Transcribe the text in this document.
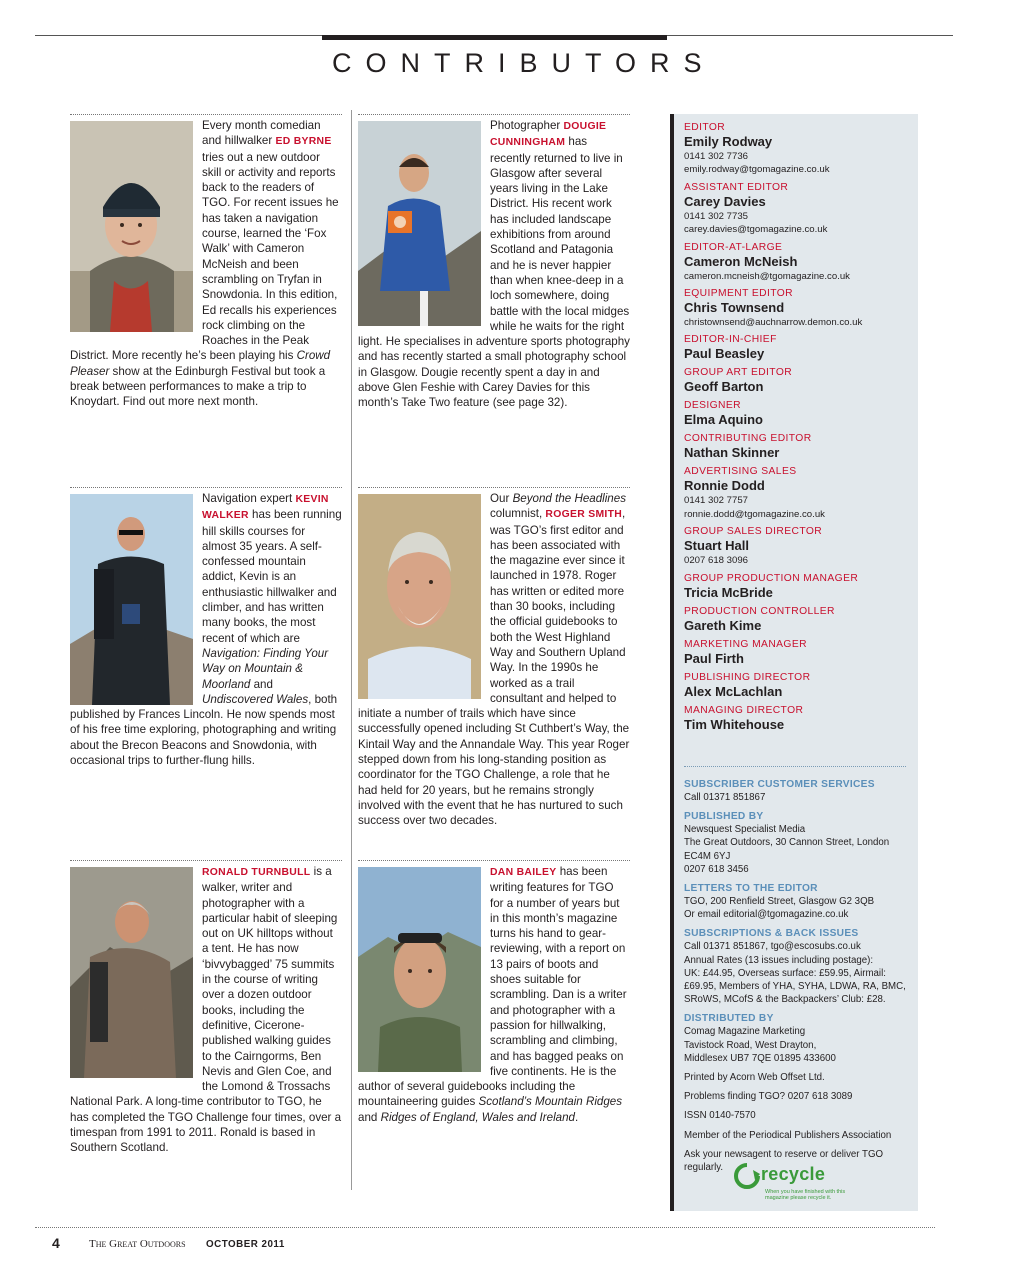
CONTRIBUTORS
Every month comedian and hillwalker ED BYRNE tries out a new outdoor skill or activity and reports back to the readers of TGO. For recent issues he has taken a navigation course, learned the ‘Fox Walk’ with Cameron McNeish and been scrambling on Tryfan in Snowdonia. In this edition, Ed recalls his experiences rock climbing on the Roaches in the Peak District. More recently he’s been playing his Crowd Pleaser show at the Edinburgh Festival but took a break between performances to make a trip to Knoydart. Find out more next month.
Photographer DOUGIE CUNNINGHAM has recently returned to live in Glasgow after several years living in the Lake District. His recent work has included landscape exhibitions from around Scotland and Patagonia and he is never happier than when knee-deep in a loch somewhere, doing battle with the local midges while he waits for the right light. He specialises in adventure sports photography and has recently started a small photography school in Glasgow. Dougie recently spent a day in and above Glen Feshie with Carey Davies for this month’s Take Two feature (see page 32).
Navigation expert KEVIN WALKER has been running hill skills courses for almost 35 years. A self-confessed mountain addict, Kevin is an enthusiastic hillwalker and climber, and has written many books, the most recent of which are Navigation: Finding Your Way on Mountain & Moorland and Undiscovered Wales, both published by Frances Lincoln. He now spends most of his free time exploring, photographing and writing about the Brecon Beacons and Snowdonia, with occasional trips to further-flung hills.
Our Beyond the Headlines columnist, ROGER SMITH, was TGO’s first editor and has been associated with the magazine ever since it launched in 1978. Roger has written or edited more than 30 books, including the official guidebooks to both the West Highland Way and Southern Upland Way. In the 1990s he worked as a trail consultant and helped to initiate a number of trails which have since successfully opened including St Cuthbert’s Way, the Kintail Way and the Annandale Way. This year Roger stepped down from his long-standing position as coordinator for the TGO Challenge, a role that he had held for 20 years, but he remains strongly involved with the event that he has nurtured to such success over two decades.
RONALD TURNBULL is a walker, writer and photographer with a particular habit of sleeping out on UK hilltops without a tent. He has now ‘bivvybagged’ 75 summits in the course of writing over a dozen outdoor books, including the definitive, Cicerone-published walking guides to the Cairngorms, Ben Nevis and Glen Coe, and the Lomond & Trossachs National Park. A long-time contributor to TGO, he has completed the TGO Challenge four times, over a timespan from 1991 to 2011. Ronald is based in Southern Scotland.
DAN BAILEY has been writing features for TGO for a number of years but in this month’s magazine turns his hand to gear-reviewing, with a report on 13 pairs of boots and shoes suitable for scrambling. Dan is a writer and photographer with a passion for hillwalking, scrambling and climbing, and has bagged peaks on five continents. He is the author of several guidebooks including the mountaineering guides Scotland’s Mountain Ridges and Ridges of England, Wales and Ireland.
EDITOR
Emily Rodway
0141 302 7736
emily.rodway@tgomagazine.co.uk
ASSISTANT EDITOR
Carey Davies
0141 302 7735
carey.davies@tgomagazine.co.uk
EDITOR-AT-LARGE
Cameron McNeish
cameron.mcneish@tgomagazine.co.uk
EQUIPMENT EDITOR
Chris Townsend
christownsend@auchnarrow.demon.co.uk
EDITOR-IN-CHIEF
Paul Beasley
GROUP ART EDITOR
Geoff Barton
DESIGNER
Elma Aquino
CONTRIBUTING EDITOR
Nathan Skinner
ADVERTISING SALES
Ronnie Dodd
0141 302 7757
ronnie.dodd@tgomagazine.co.uk
GROUP SALES DIRECTOR
Stuart Hall
0207 618 3096
GROUP PRODUCTION MANAGER
Tricia McBride
PRODUCTION CONTROLLER
Gareth Kime
MARKETING MANAGER
Paul Firth
PUBLISHING DIRECTOR
Alex McLachlan
MANAGING DIRECTOR
Tim Whitehouse
SUBSCRIBER CUSTOMER SERVICES
Call 01371 851867
PUBLISHED BY
Newsquest Specialist Media
The Great Outdoors, 30 Cannon Street, London EC4M 6YJ
0207 618 3456
LETTERS TO THE EDITOR
TGO, 200 Renfield Street, Glasgow G2 3QB
Or email editorial@tgomagazine.co.uk
SUBSCRIPTIONS & BACK ISSUES
Call 01371 851867, tgo@escosubs.co.uk
Annual Rates (13 issues including postage):
UK: £44.95, Overseas surface: £59.95, Airmail:
£69.95, Members of YHA, SYHA, LDWA, RA, BMC,
SRoWS, MCofS & the Backpackers’ Club: £28.
DISTRIBUTED BY
Comag Magazine Marketing
Tavistock Road, West Drayton,
Middlesex UB7 7QE 01895 433600
Printed by Acorn Web Offset Ltd.
Problems finding TGO? 0207 618 3089
ISSN 0140-7570
Member of the Periodical Publishers Association
Ask your newsagent to reserve or deliver TGO regularly.	recycle
When you have finished with this magazine please recycle it.
4	The Great Outdoors OCTOBER 2011
